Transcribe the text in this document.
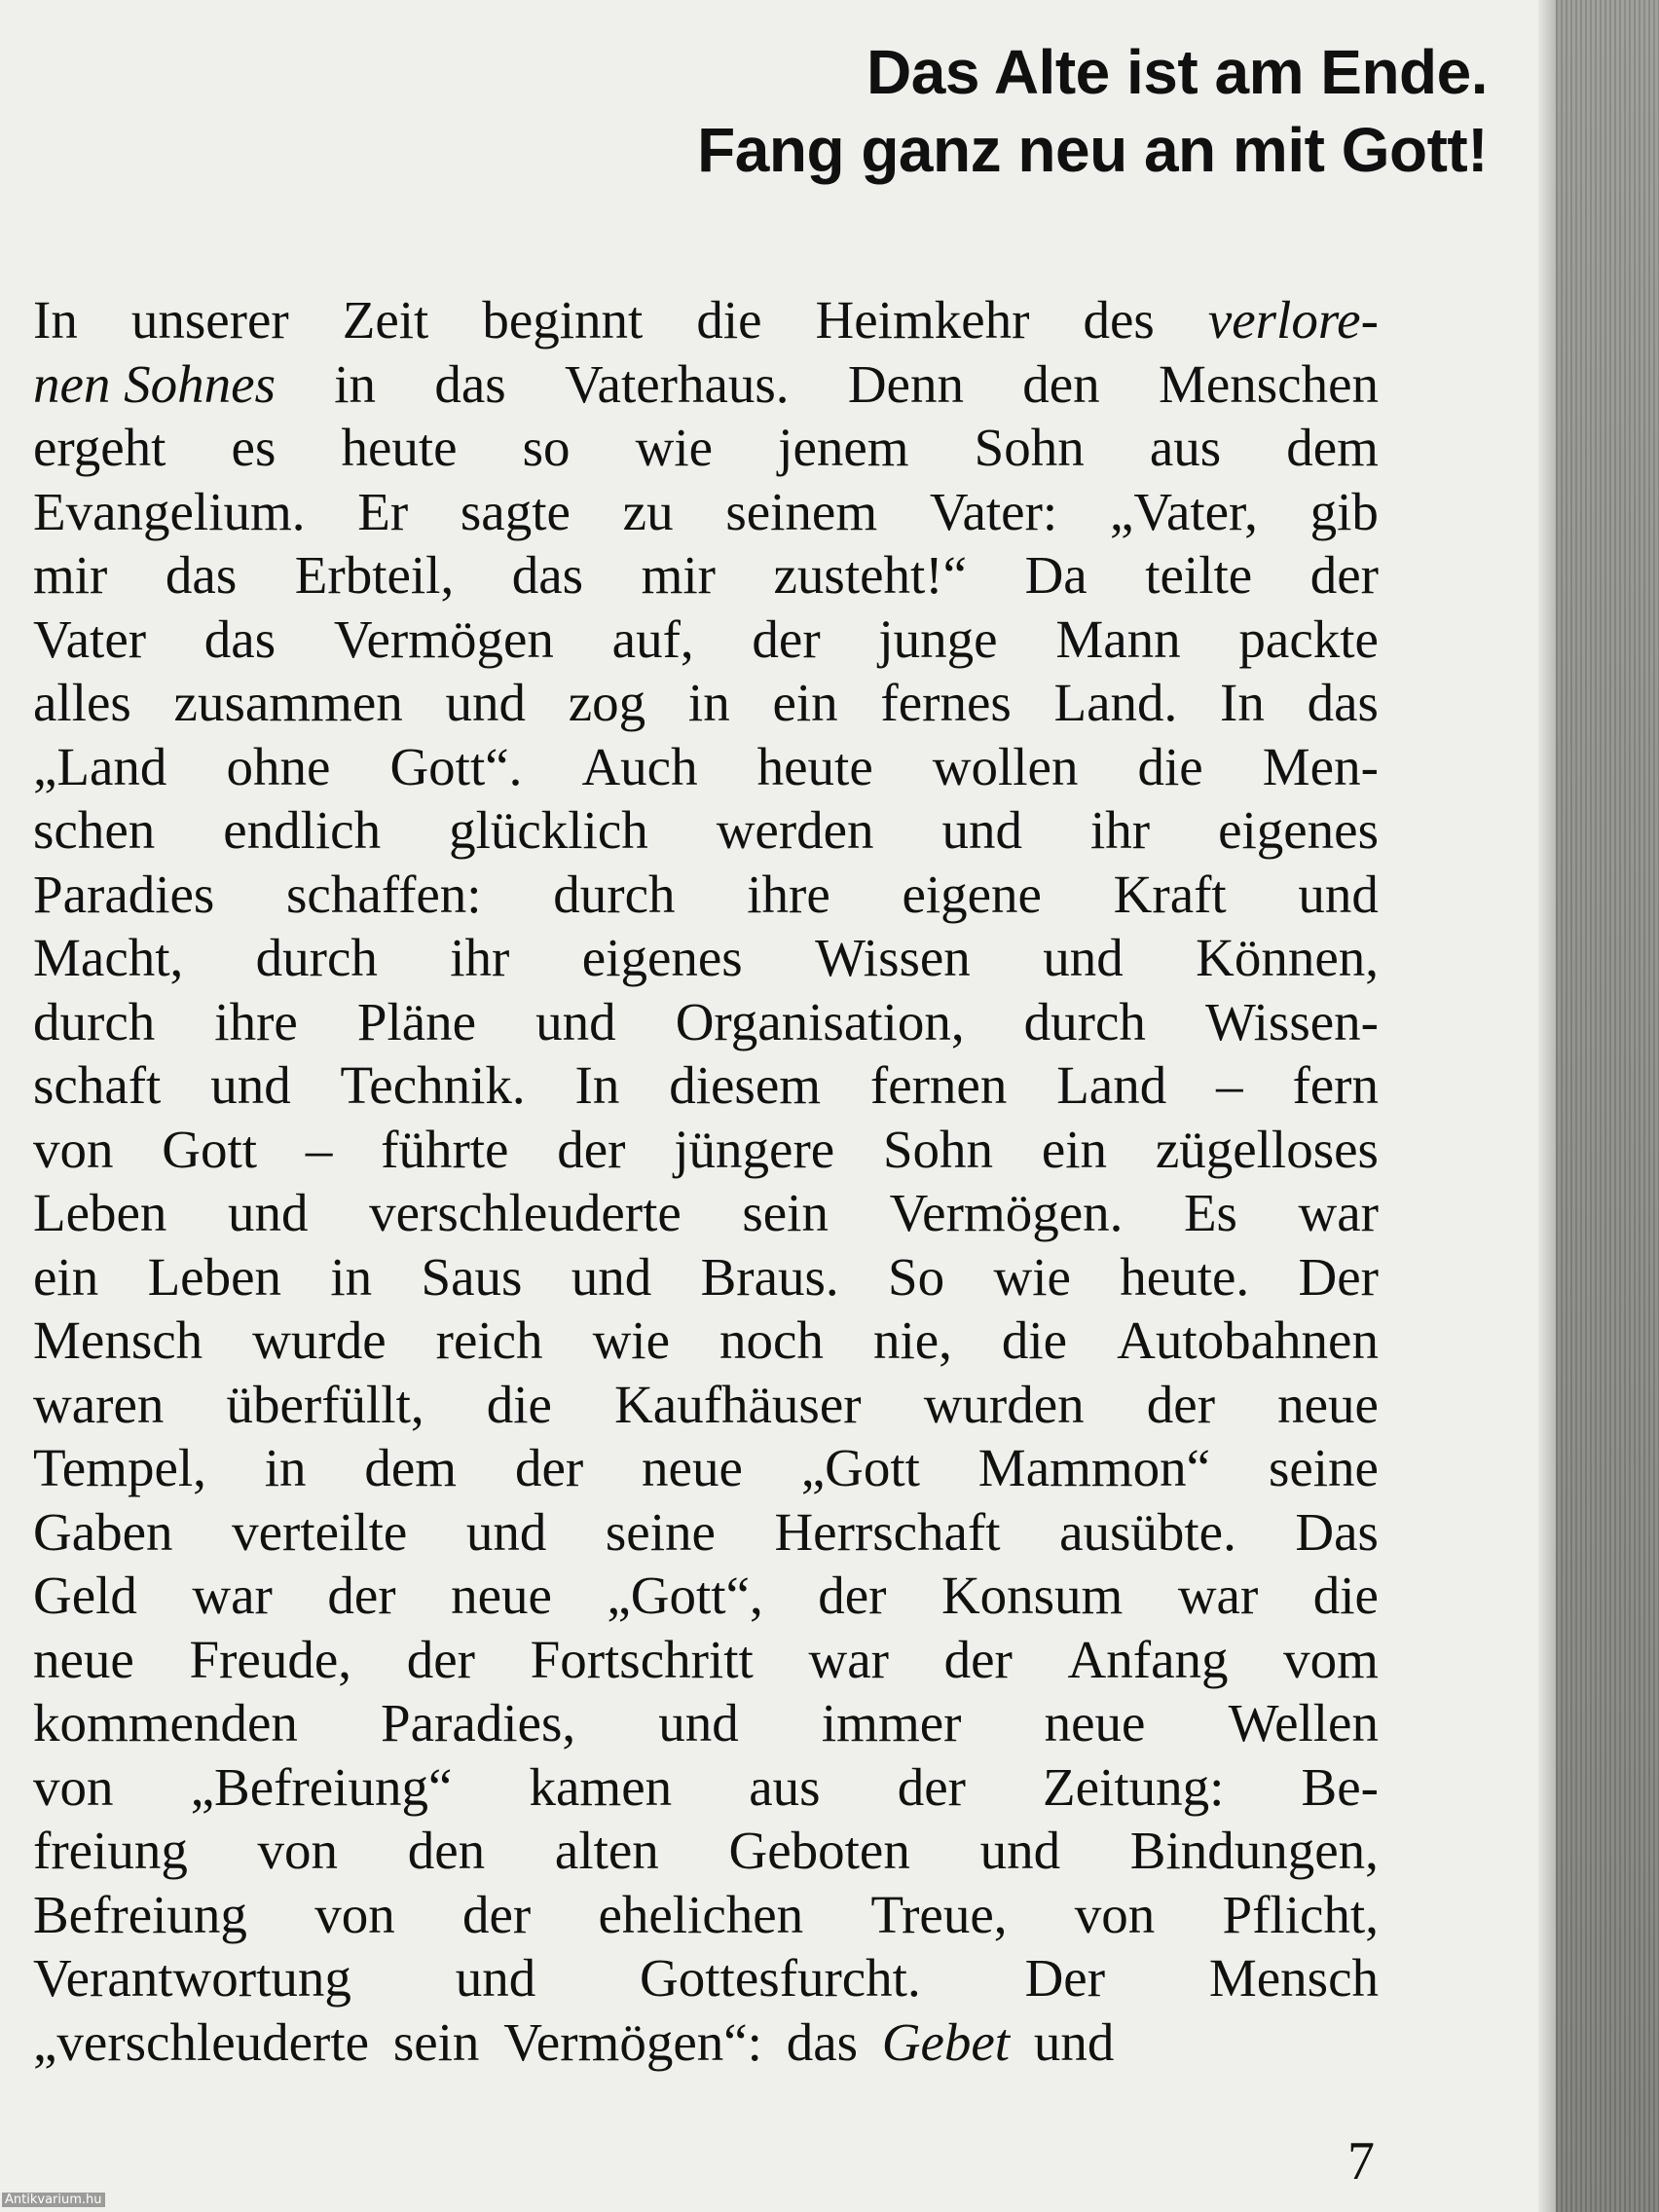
Das Alte ist am Ende.
Fang ganz neu an mit Gott!
In unserer Zeit beginnt die Heimkehr des verlore-
nen Sohnes in das Vaterhaus. Denn den Menschen
ergeht es heute so wie jenem Sohn aus dem
Evangelium. Er sagte zu seinem Vater: „Vater, gib
mir das Erbteil, das mir zusteht!“ Da teilte der
Vater das Vermögen auf, der junge Mann packte
alles zusammen und zog in ein fernes Land. In das
„Land ohne Gott“. Auch heute wollen die Men-
schen endlich glücklich werden und ihr eigenes
Paradies schaffen: durch ihre eigene Kraft und
Macht, durch ihr eigenes Wissen und Können,
durch ihre Pläne und Organisation, durch Wissen-
schaft und Technik. In diesem fernen Land – fern
von Gott – führte der jüngere Sohn ein zügelloses
Leben und verschleuderte sein Vermögen. Es war
ein Leben in Saus und Braus. So wie heute. Der
Mensch wurde reich wie noch nie, die Autobahnen
waren überfüllt, die Kaufhäuser wurden der neue
Tempel, in dem der neue „Gott Mammon“ seine
Gaben verteilte und seine Herrschaft ausübte. Das
Geld war der neue „Gott“, der Konsum war die
neue Freude, der Fortschritt war der Anfang vom
kommenden Paradies, und immer neue Wellen
von „Befreiung“ kamen aus der Zeitung: Be-
freiung von den alten Geboten und Bindungen,
Befreiung von der ehelichen Treue, von Pflicht,
Verantwortung und Gottesfurcht. Der Mensch
„verschleuderte sein Vermögen“: das Gebet und
7
Antikvarium.hu
